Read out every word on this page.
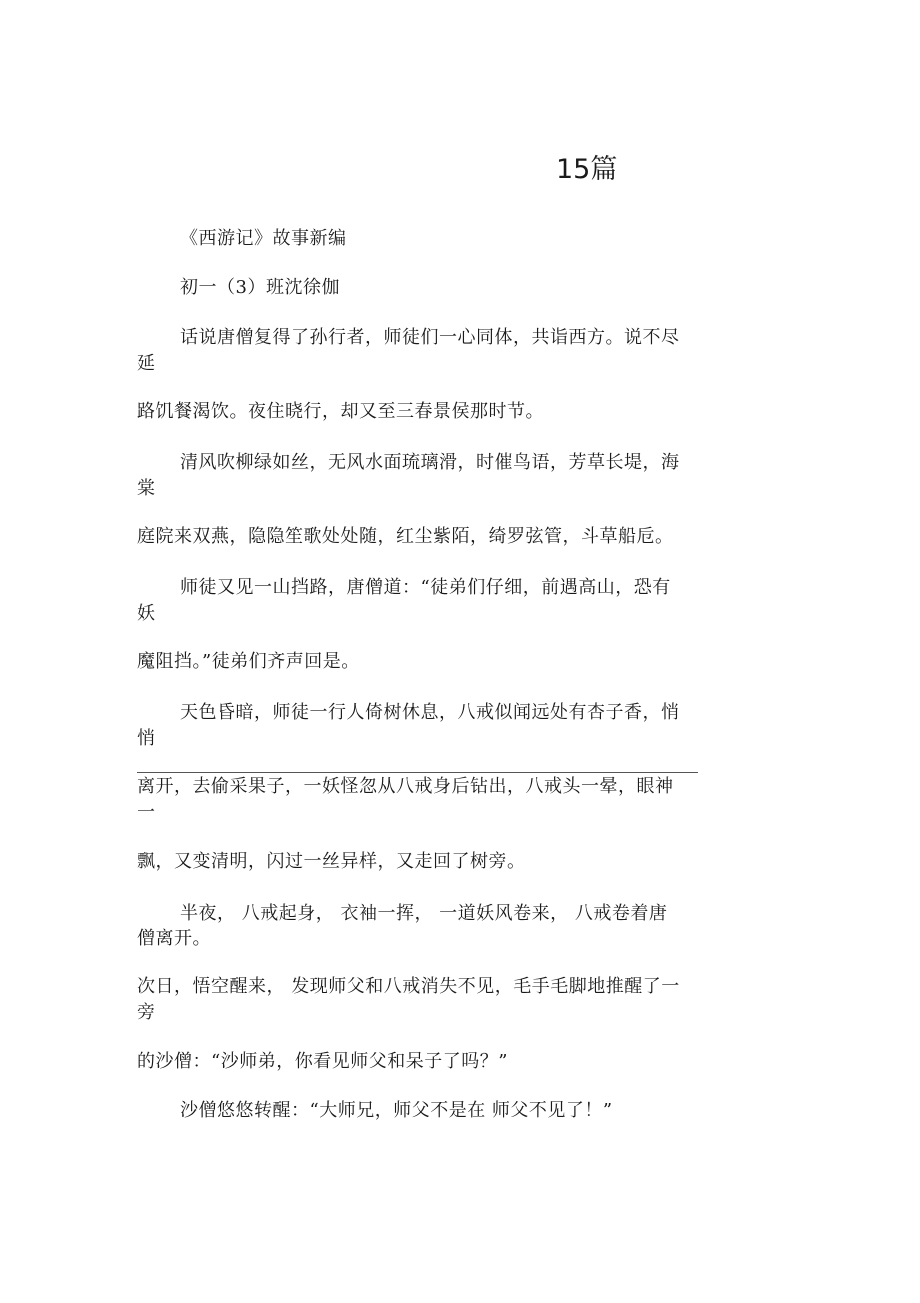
15篇
《西游记》故事新编
初一（3）班沈徐伽
话说唐僧复得了孙行者，师徒们一心同体，共诣西方。说不尽
延
路饥餐渴饮。夜住晓行，却又至三春景侯那时节。
清风吹柳绿如丝，无风水面琉璃滑，时催鸟语，芳草长堤，海
棠
庭院来双燕，隐隐笙歌处处随，红尘紫陌，绮罗弦管，斗草船卮。
师徒又见一山挡路，唐僧道：“徒弟们仔细，前遇高山，恐有
妖
魔阻挡。”徒弟们齐声回是。
天色昏暗，师徒一行人倚树休息，八戒似闻远处有杏子香，悄
悄
离开，去偷采果子，一妖怪忽从八戒身后钻出，八戒头一晕，眼神
一
飘，又变清明，闪过一丝异样，又走回了树旁。
半夜， 八戒起身， 衣袖一挥， 一道妖风卷来， 八戒卷着唐
僧离开。
次日，悟空醒来， 发现师父和八戒消失不见，毛手毛脚地推醒了一
旁
的沙僧：“沙师弟，你看见师父和呆子了吗？”
沙僧悠悠转醒：“大师兄，师父不是在 师父不见了！”
